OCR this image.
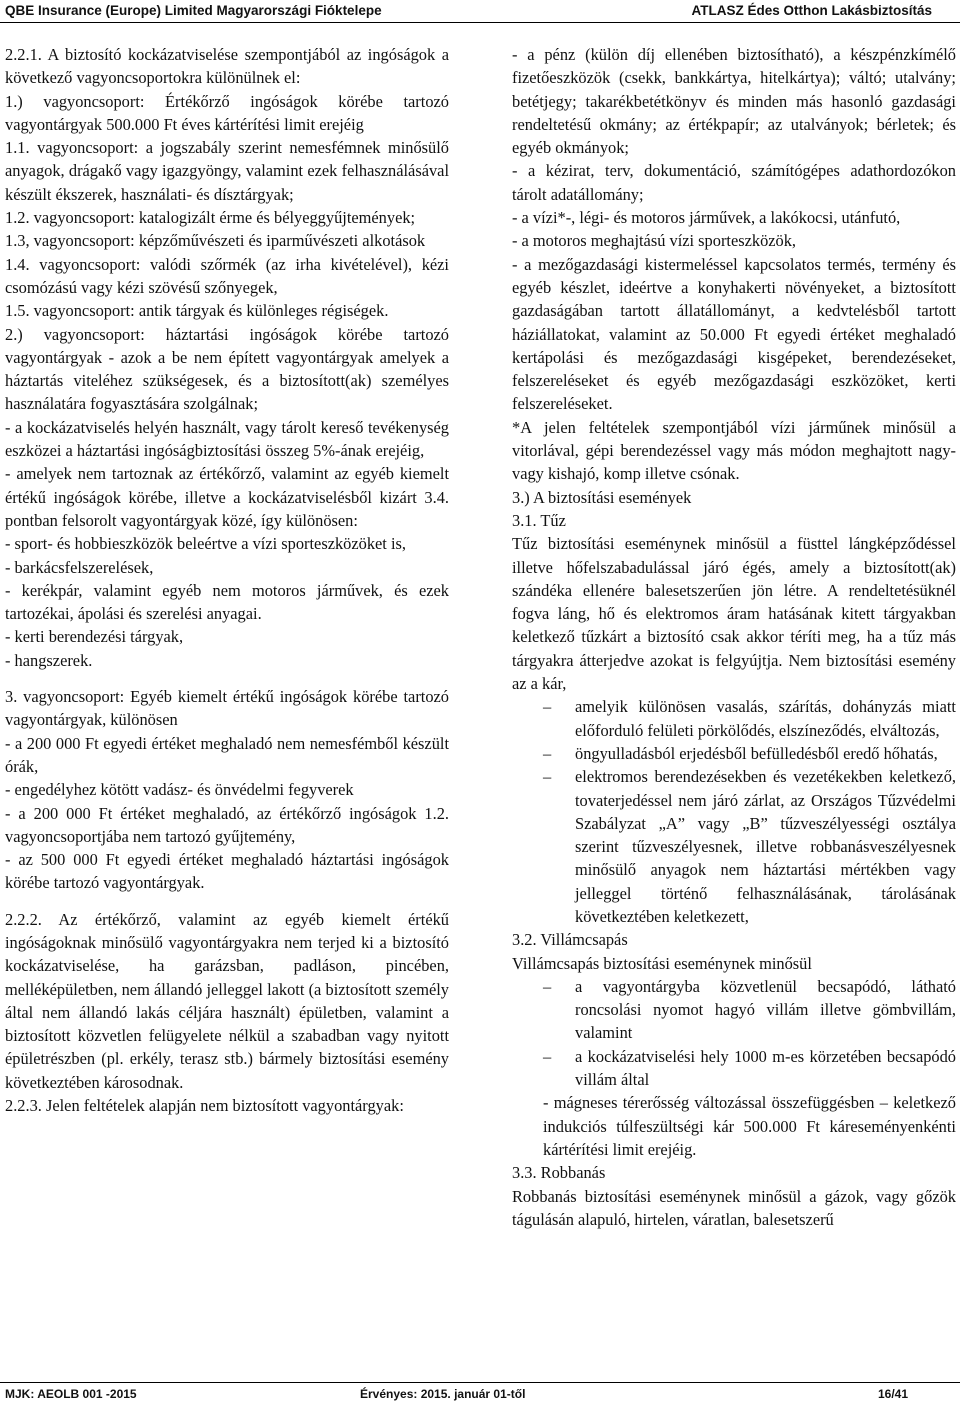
QBE Insurance (Europe) Limited Magyarországi Fióktelepe	ATLASZ Édes Otthon Lakásbiztosítás

2.2.1. A biztosító kockázatviselése szempontjából az ingóságok a következő vagyoncsoportokra különülnek el:

1.) vagyoncsoport: Értékőrző ingóságok körébe tartozó vagyontárgyak 500.000 Ft éves kártérítési limit erejéig

1.1. vagyoncsoport: a jogszabály szerint nemesfémnek minősülő anyagok, drágakő vagy igazgyöngy, valamint ezek felhasználásával készült ékszerek, használati- és dísztárgyak;

1.2. vagyoncsoport: katalogizált érme és bélyeggyűjtemények;

1.3, vagyoncsoport: képzőművészeti és iparművészeti alkotások

1.4. vagyoncsoport: valódi szőrmék (az irha kivételével), kézi csomózású vagy kézi szövésű szőnyegek,

1.5. vagyoncsoport: antik tárgyak és különleges régiségek.

2.) vagyoncsoport: háztartási ingóságok körébe tartozó vagyontárgyak - azok a be nem épített vagyontárgyak amelyek a háztartás viteléhez szükségesek, és a biztosított(ak) személyes használatára fogyasztására szolgálnak;

- a kockázatviselés helyén használt, vagy tárolt kereső tevékenység eszközei a háztartási ingóságbiztosítási összeg 5%-ának erejéig,

- amelyek nem tartoznak az értékőrző, valamint az egyéb kiemelt értékű ingóságok körébe, illetve a kockázatviselésből kizárt 3.4. pontban felsorolt vagyontárgyak közé, így különösen:

- sport- és hobbieszközök beleértve a vízi sporteszközöket is,

- barkácsfelszerelések,

- kerékpár, valamint egyéb nem motoros járművek, és ezek tartozékai, ápolási és szerelési anyagai.

- kerti berendezési tárgyak,

- hangszerek.

3. vagyoncsoport: Egyéb kiemelt értékű ingóságok körébe tartozó vagyontárgyak, különösen

- a 200 000 Ft egyedi értéket meghaladó nem nemesfémből készült órák,

- engedélyhez kötött vadász- és önvédelmi fegyverek

- a 200 000 Ft értéket meghaladó, az értékőrző ingóságok 1.2. vagyoncsoportjába nem tartozó gyűjtemény,

- az 500 000 Ft egyedi értéket meghaladó háztartási ingóságok körébe tartozó vagyontárgyak.

2.2.2. Az értékőrző, valamint az egyéb kiemelt értékű ingóságoknak minősülő vagyontárgyakra nem terjed ki a biztosító kockázatviselése, ha garázsban, padláson, pincében, melléképületben, nem állandó jelleggel lakott (a biztosított személy által nem állandó lakás céljára használt) épületben, valamint a biztosított közvetlen felügyelete nélkül a szabadban vagy nyitott épületrészben (pl. erkély, terasz stb.) bármely biztosítási esemény következtében károsodnak.

2.2.3. Jelen feltételek alapján nem biztosított vagyontárgyak:

- a pénz (külön díj ellenében biztosítható), a készpénzkímélő fizetőeszközök (csekk, bankkártya, hitelkártya); váltó; utalvány; betétjegy; takarékbetétkönyv és minden más hasonló gazdasági rendeltetésű okmány; az értékpapír; az utalványok; bérletek; és egyéb okmányok;

- a kézirat, terv, dokumentáció, számítógépes adathordozókon tárolt adatállomány;

- a vízi*-, légi- és motoros járművek, a lakókocsi, utánfutó,

- a motoros meghajtású vízi sporteszközök,

- a mezőgazdasági kistermeléssel kapcsolatos termés, termény és egyéb készlet, ideértve a konyhakerti növényeket, a biztosított gazdaságában tartott állatállományt, a kedvtelésből tartott háziállatokat, valamint az 50.000 Ft egyedi értéket meghaladó kertápolási és mezőgazdasági kisgépeket, berendezéseket, felszereléseket és egyéb mezőgazdasági eszközöket, kerti felszereléseket.

*A jelen feltételek szempontjából vízi járműnek minősül a vitorlával, gépi berendezéssel vagy más módon meghajtott nagy- vagy kishajó, komp illetve csónak.

3.) A biztosítási események

3.1. Tűz

Tűz biztosítási eseménynek minősül a füsttel lángképződéssel illetve hőfelszabadulással járó égés, amely a biztosított(ak) szándéka ellenére balesetszerűen jön létre. A rendeltetésüknél fogva láng, hő és elektromos áram hatásának kitett tárgyakban keletkező tűzkárt a biztosító csak akkor téríti meg, ha a tűz más tárgyakra átterjedve azokat is felgyújtja. Nem biztosítási esemény az a kár,

– amelyik különösen vasalás, szárítás, dohányzás miatt előforduló felületi pörkölődés, elszíneződés, elváltozás,
– öngyulladásból erjedésből befülledésből eredő hőhatás,
– elektromos berendezésekben és vezetékekben keletkező, tovaterjedéssel nem járó zárlat, az Országos Tűzvédelmi Szabályzat „A” vagy „B” tűzveszélyességi osztálya szerint tűzveszélyesnek, illetve robbanásveszélyesnek minősülő anyagok nem háztartási mértékben vagy jelleggel történő felhasználásának, tárolásának következtében keletkezett,

3.2. Villámcsapás

Villámcsapás biztosítási eseménynek minősül

– a vagyontárgyba közvetlenül becsapódó, látható roncsolási nyomot hagyó villám illetve gömbvillám, valamint
– a kockázatviselési hely 1000 m-es körzetében becsapódó villám által

- mágneses térerősség változással összefüggésben – keletkező indukciós túlfeszültségi kár 500.000 Ft káreseményenkénti kártérítési limit erejéig.

3.3. Robbanás

Robbanás biztosítási eseménynek minősül a gázok, vagy gőzök tágulásán alapuló, hirtelen, váratlan, balesetszerű

MJK: AEOLB 001 -2015	Érvényes: 2015. január 01-től	16/41
